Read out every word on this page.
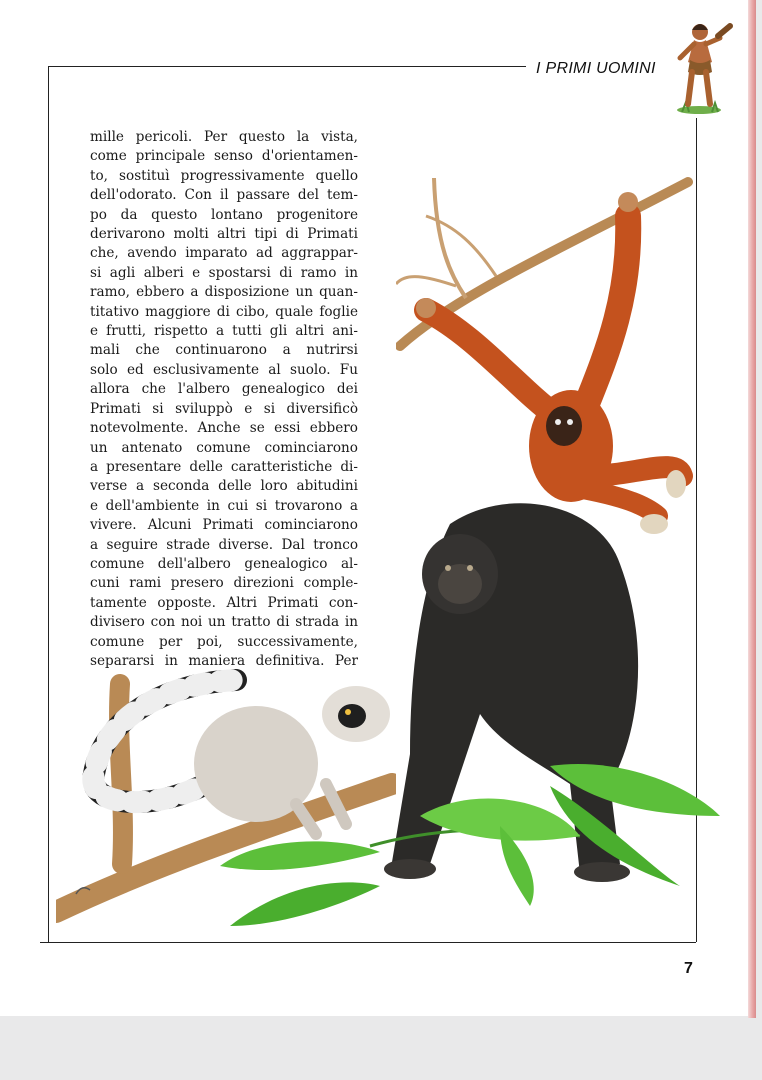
I PRIMI UOMINI
mille pericoli. Per questo la vista,
come principale senso d'orientamen-
to, sostituì progressivamente quello
dell'odorato. Con il passare del tem-
po da questo lontano progenitore
derivarono molti altri tipi di Primati
che, avendo imparato ad aggrappar-
si agli alberi e spostarsi di ramo in
ramo, ebbero a disposizione un quan-
titativo maggiore di cibo, quale foglie
e frutti, rispetto a tutti gli altri ani-
mali che continuarono a nutrirsi
solo ed esclusivamente al suolo. Fu
allora che l'albero genealogico dei
Primati si sviluppò e si diversificò
notevolmente. Anche se essi ebbero
un antenato comune cominciarono
a presentare delle caratteristiche di-
verse a seconda delle loro abitudini
e dell'ambiente in cui si trovarono a
vivere. Alcuni Primati cominciarono
a seguire strade diverse. Dal tronco
comune dell'albero genealogico al-
cuni rami presero direzioni comple-
tamente opposte. Altri Primati con-
divisero con noi un tratto di strada in
comune per poi, successivamente,
separarsi in maniera definitiva. Per
7
